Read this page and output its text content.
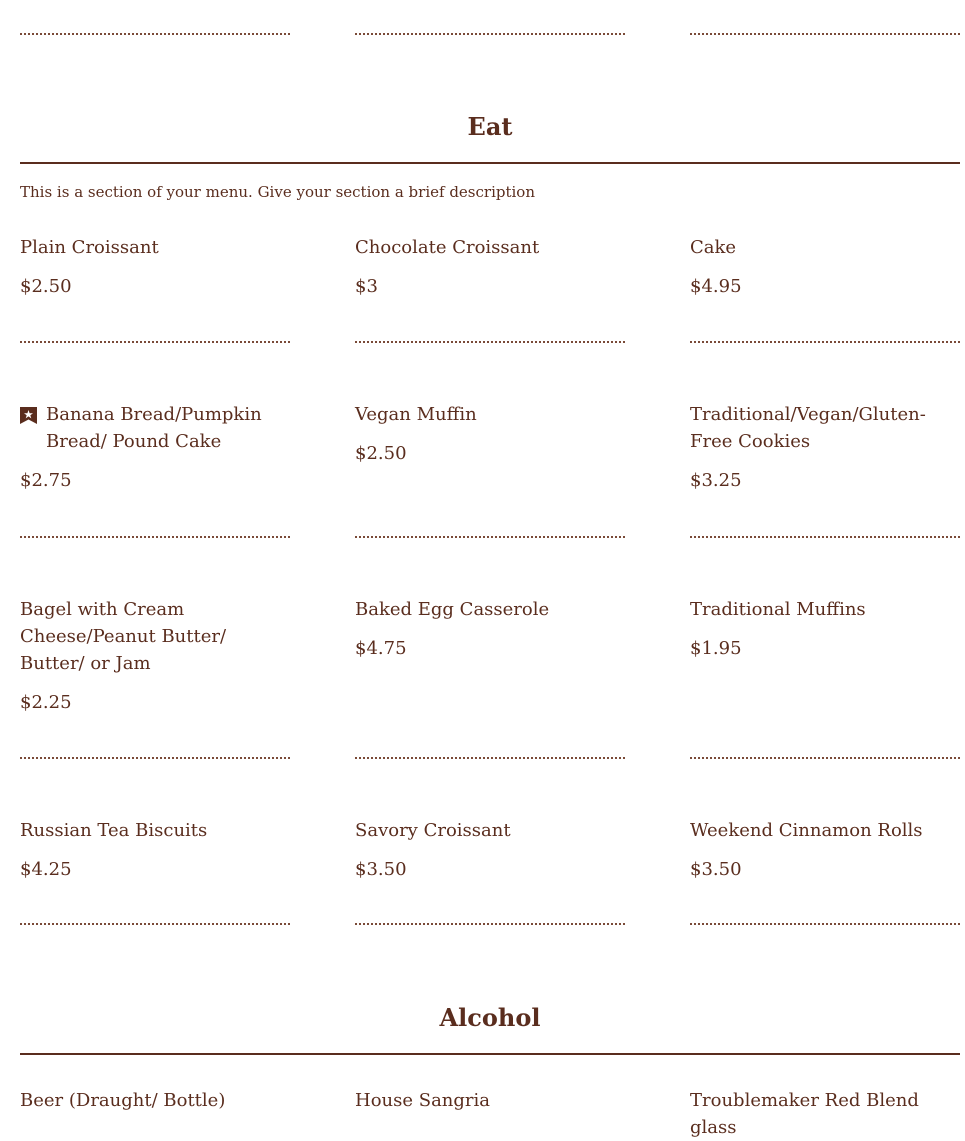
Eat

This is a section of your menu. Give your section a brief description

Plain Croissant

$2.50

Chocolate Croissant

$3

Cake

$4.95

Banana Bread/Pumpkin Bread/ Pound Cake

$2.75

Vegan Muffin

$2.50

Traditional/Vegan/Gluten-Free Cookies

$3.25

Bagel with Cream Cheese/Peanut Butter/ Butter/ or Jam

$2.25

Baked Egg Casserole

$4.75

Traditional Muffins

$1.95

Russian Tea Biscuits

$4.25

Savory Croissant

$3.50

Weekend Cinnamon Rolls

$3.50

Alcohol

Beer (Draught/ Bottle)	House Sangria	Troublemaker Red Blend glass
